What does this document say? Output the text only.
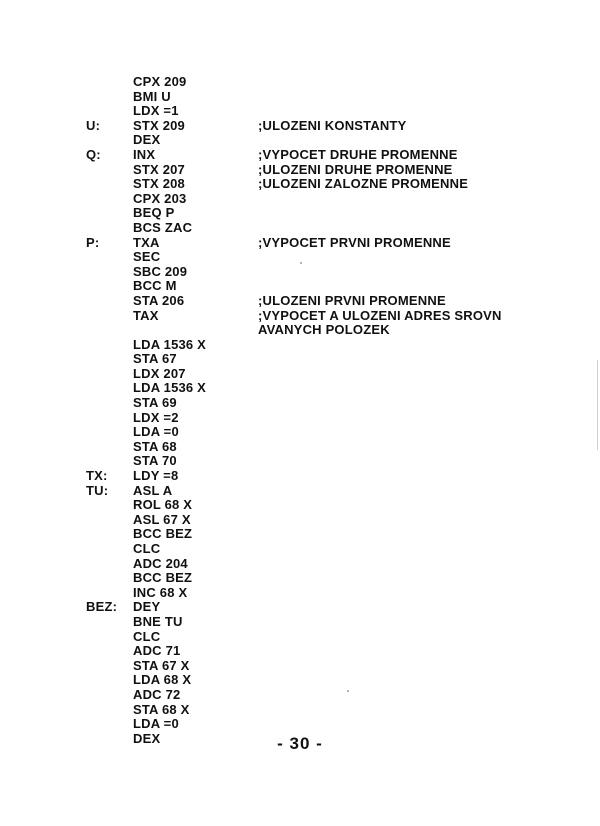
CPX 209
BMI U
LDX =1
U:	STX 209	;ULOZENI KONSTANTY
DEX
Q: INX	;VYPOCET DRUHE PROMENNE
STX 207	;ULOZENI DRUHE PROMENNE
STX 208	;ULOZENI ZALOZNE PROMENNE
CPX 203
BEQ P
BCS ZAC
P:	TXA	;VYPOCET PRVNI PROMENNE
SEC
SBC 209
BCC M
STA 206	;ULOZENI PRVNI PROMENNE
TAX	;VYPOCET A ULOZENI ADRES SROVN
AVANYCH POLOZEK
LDA 1536 X
STA 67
LDX 207
LDA 1536 X
STA 69
LDX =2
LDA =0
STA 68
STA 70
TX: LDY =8
TU: ASL A
ROL 68 X
ASL 67 X
BCC BEZ
CLC
ADC 204
BCC BEZ
INC 68 X
BEZ: DEY
BNE TU
CLC
ADC 71
STA 67 X
LDA 68 X
ADC 72
STA 68 X
LDA =0
DEX	- 30 -
